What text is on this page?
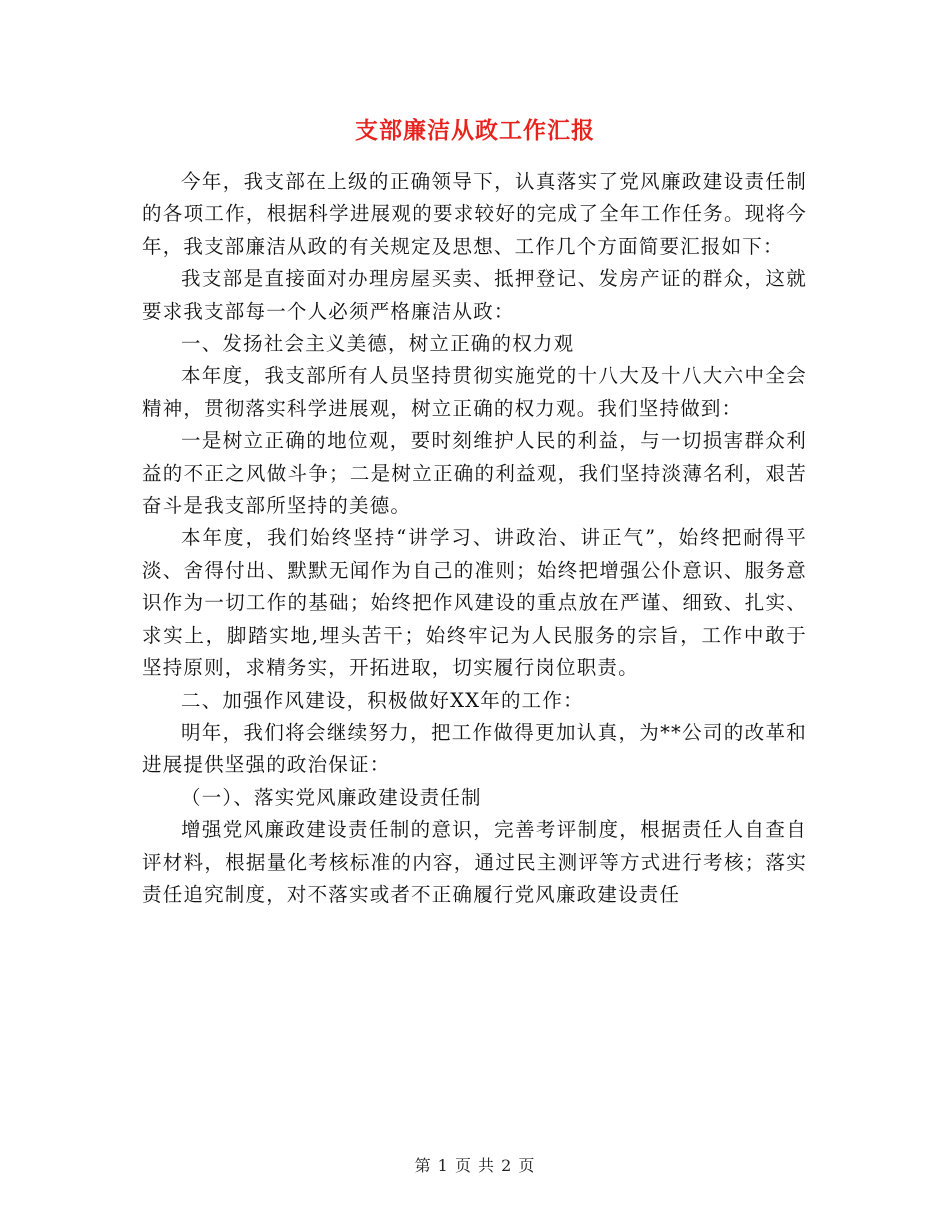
支部廉洁从政工作汇报

今年，我支部在上级的正确领导下，认真落实了党风廉政建设责任制的各项工作，根据科学进展观的要求较好的完成了全年工作任务。现将今年，我支部廉洁从政的有关规定及思想、工作几个方面简要汇报如下：

我支部是直接面对办理房屋买卖、抵押登记、发房产证的群众，这就要求我支部每一个人必须严格廉洁从政：

一、发扬社会主义美德，树立正确的权力观

本年度，我支部所有人员坚持贯彻实施党的十八大及十八大六中全会精神，贯彻落实科学进展观，树立正确的权力观。我们坚持做到：

一是树立正确的地位观，要时刻维护人民的利益，与一切损害群众利益的不正之风做斗争；二是树立正确的利益观，我们坚持淡薄名利，艰苦奋斗是我支部所坚持的美德。

本年度，我们始终坚持“讲学习、讲政治、讲正气”，始终把耐得平淡、舍得付出、默默无闻作为自己的准则；始终把增强公仆意识、服务意识作为一切工作的基础；始终把作风建设的重点放在严谨、细致、扎实、求实上，脚踏实地,埋头苦干；始终牢记为人民服务的宗旨，工作中敢于坚持原则，求精务实，开拓进取，切实履行岗位职责。

二、加强作风建设，积极做好XX年的工作：

明年，我们将会继续努力，把工作做得更加认真，为**公司的改革和进展提供坚强的政治保证：

（一）、落实党风廉政建设责任制

增强党风廉政建设责任制的意识，完善考评制度，根据责任人自查自评材料，根据量化考核标准的内容，通过民主测评等方式进行考核；落实责任追究制度，对不落实或者不正确履行党风廉政建设责任

第 1 页 共 2 页
